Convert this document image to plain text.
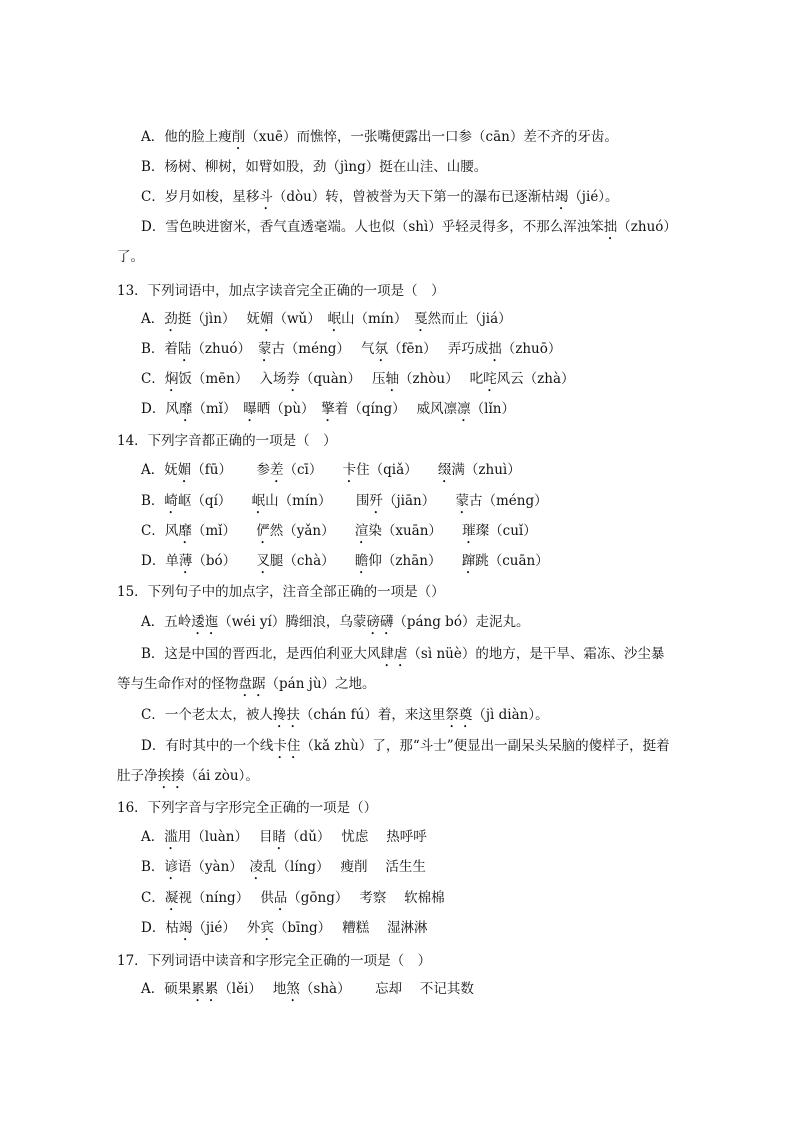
A．他的脸上瘦削（xuē）而憔悴，一张嘴便露出一口参（cān）差不齐的牙齿。
B．杨树、柳树，如臂如股，劲（jìng）挺在山洼、山腰。
C．岁月如梭，星移斗（dòu）转，曾被誉为天下第一的瀑布已逐渐枯竭（jié）。
D．雪色映进窗米，香气直透毫端。人也似（shì）乎轻灵得多，不那么浑浊笨拙（zhuó）
了。
13．下列词语中，加点字读音完全正确的一项是（　）
A．劲挺（jìn）　 妩媚（wǔ）　岷山（mín）　戛然而止（jiá）
B．着陆（zhuó）　蒙古（méng）　 气氛（fēn）　 弄巧成拙（zhuō）
C．焖饭（mēn）　 入场券（quàn）　 压轴（zhòu）　 叱咤风云（zhà）
D．风靡（mǐ）　曝晒（pù）　擎着（qíng）　 威风凛凛（lǐn）
14．下列字音都正确的一项是（　）
A．妩媚（fū）　　 参差（cī）　　卡住（qiǎ）　　缀满（zhuì）
B．崎岖（qí）　　岷山（mín）　　 围歼（jiān）　　蒙古（méng）
C．风靡（mǐ）　　俨然（yǎn）　　渲染（xuān）　　璀璨（cuǐ）
D．单薄（bó）　　叉腿（chà）　　瞻仰（zhān）　　蹿跳（cuān）
15．下列句子中的加点字，注音全部正确的一项是（）
A．五岭逶迤（wéi yí）腾细浪，乌蒙磅礴（páng bó）走泥丸。
B．这是中国的晋西北，是西伯利亚大风肆虐（sì nüè）的地方，是干旱、霜冻、沙尘暴
等与生命作对的怪物盘踞（pán jù）之地。
C．一个老太太，被人搀扶（chán fú）着，来这里祭奠（jì diàn）。
D．有时其中的一个线卡住（kǎ zhù）了，那“斗士”便显出一副呆头呆脑的傻样子，挺着
肚子净挨揍（ái zòu）。
16．下列字音与字形完全正确的一项是（）
A．滥用（luàn）　 目睹（dǔ）　 忧虑　 热呼呼
B．谚语（yàn）　凌乱（líng）　 瘦削　 活生生
C．凝视（níng）　 供品（gōng）　 考察　 软棉棉
D．枯竭（jié）　 外宾（bīng）　 糟糕　 湿淋淋
17．下列词语中读音和字形完全正确的一项是（　）
A．硕果累累（lěi）　 地煞（shà）　　 忘却　 不记其数
